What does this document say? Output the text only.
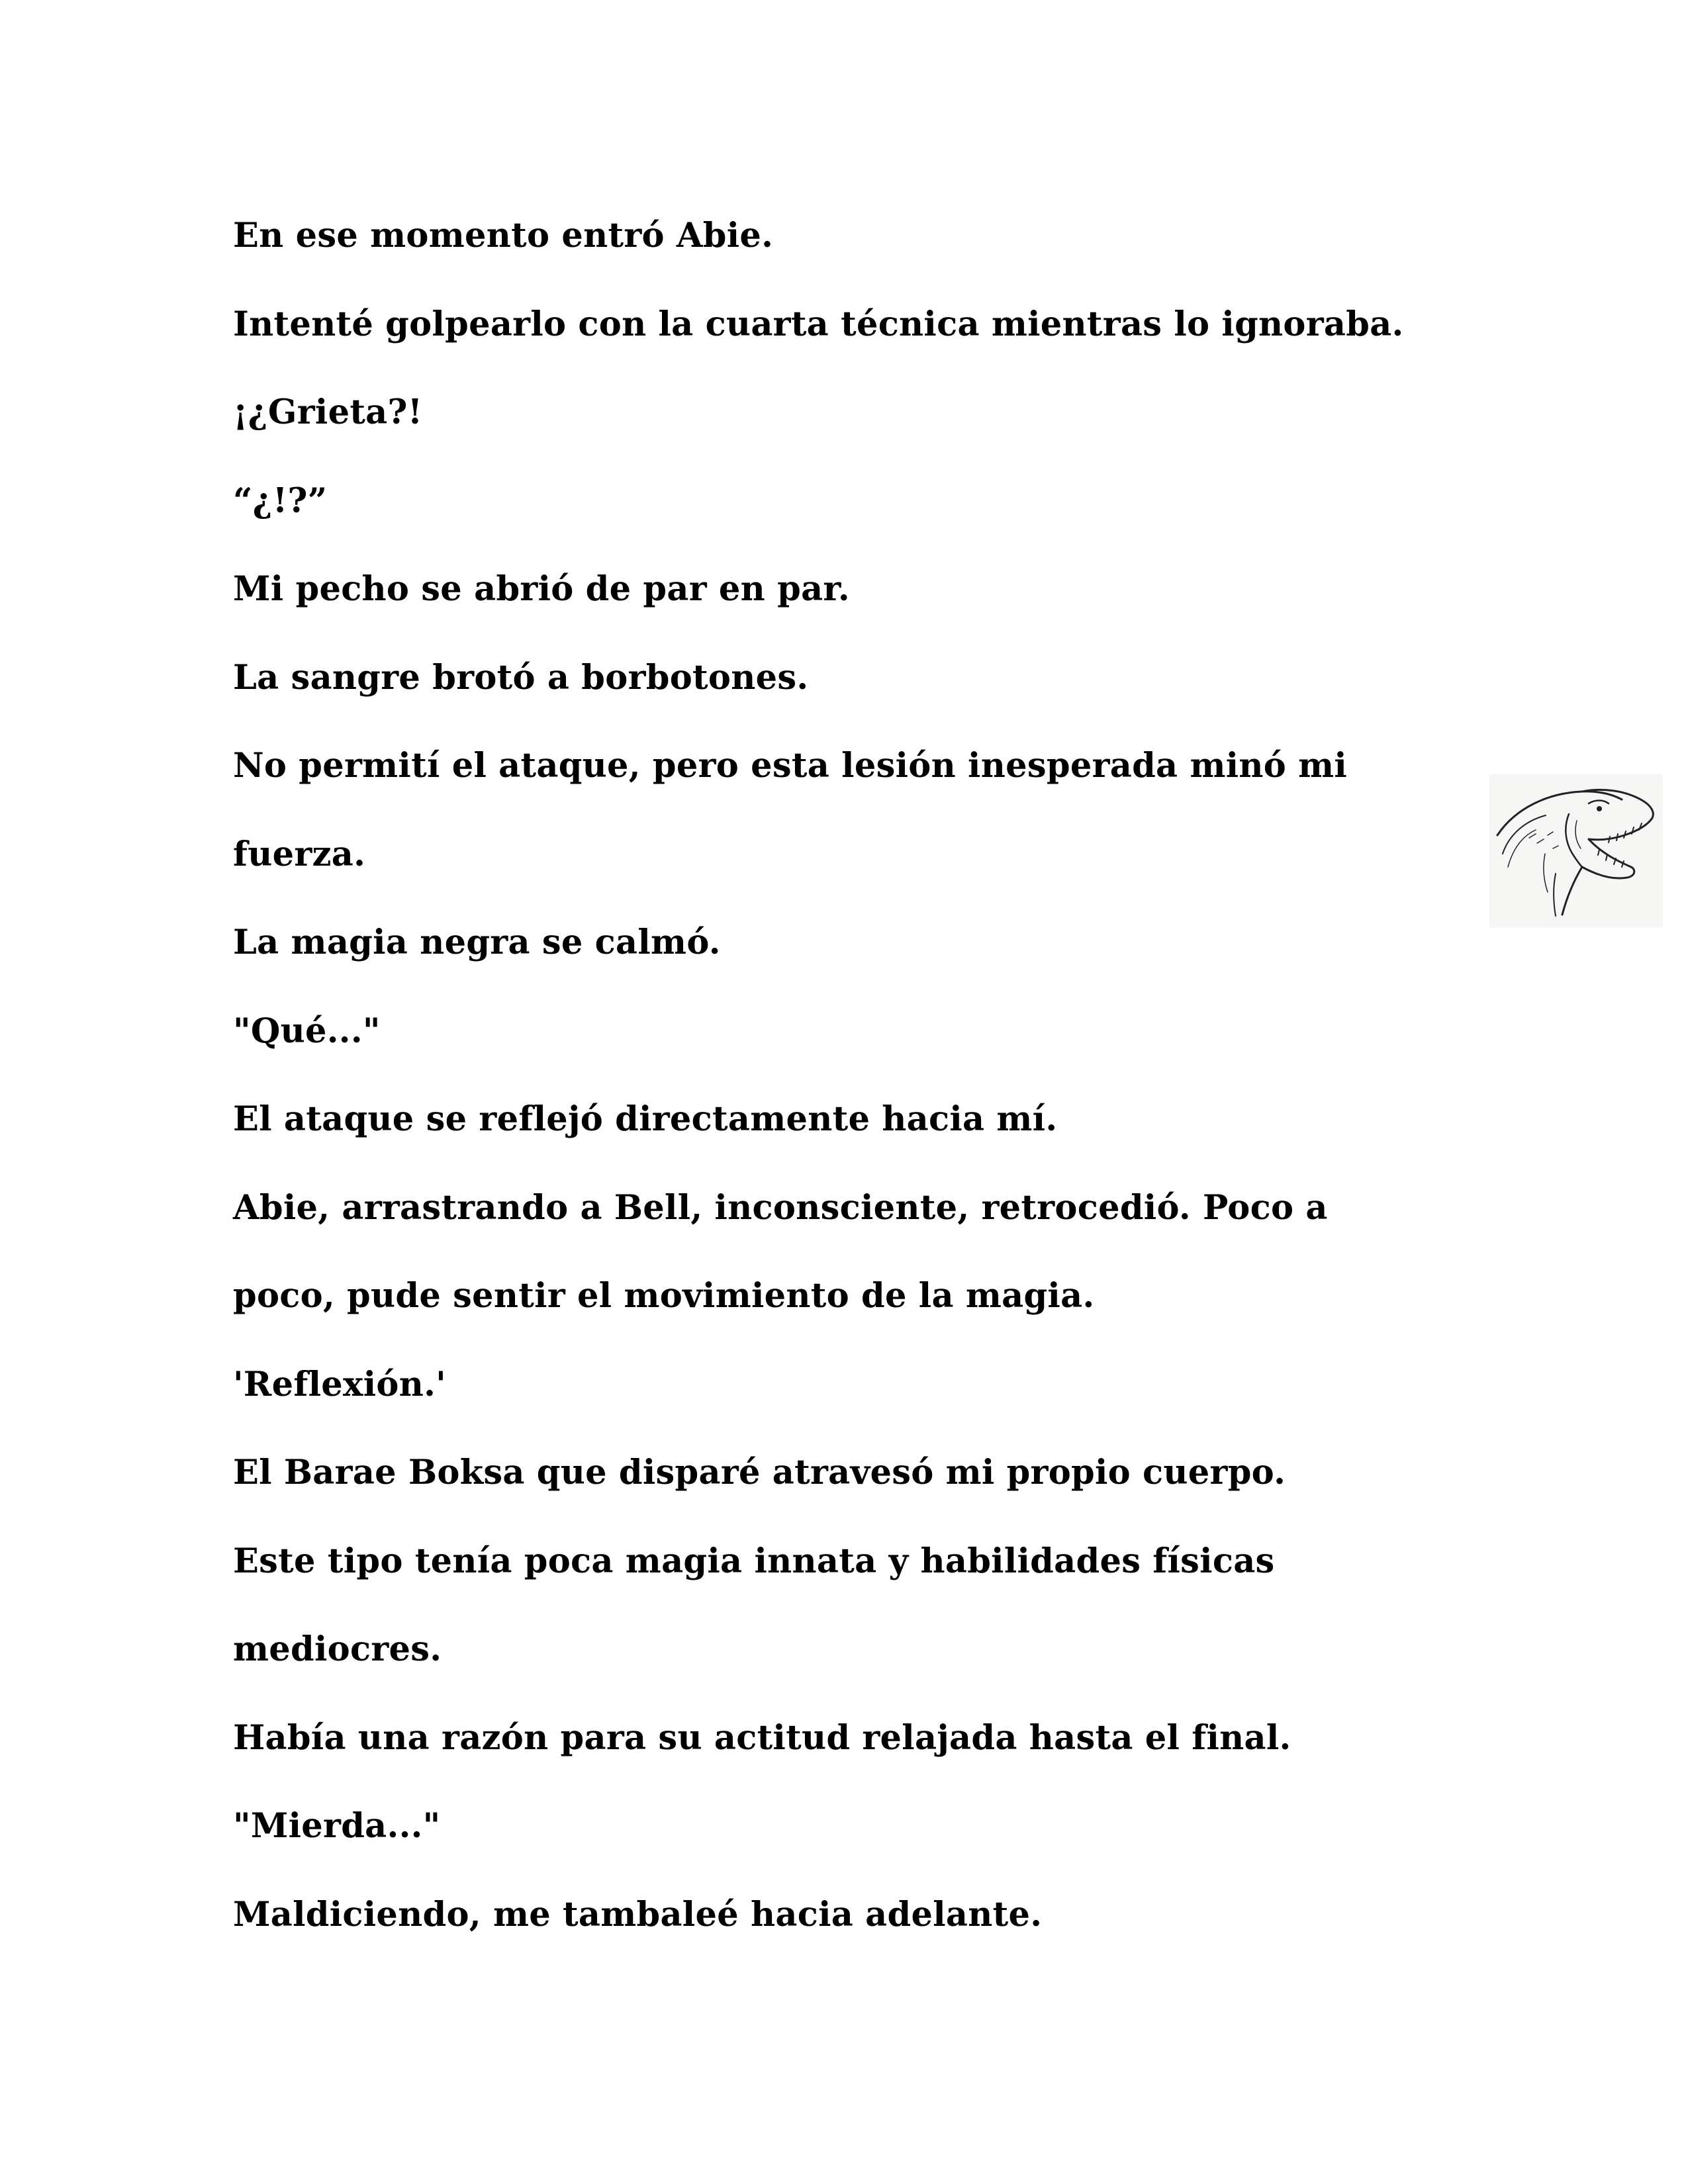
En ese momento entró Abie.
Intenté golpearlo con la cuarta técnica mientras lo ignoraba.
¡¿Grieta?!
“¿!?”
Mi pecho se abrió de par en par.
La sangre brotó a borbotones.
No permití el ataque, pero esta lesión inesperada minó mi
fuerza.
La magia negra se calmó.
"Qué..."
El ataque se reflejó directamente hacia mí.
Abie, arrastrando a Bell, inconsciente, retrocedió. Poco a
poco, pude sentir el movimiento de la magia.
'Reflexión.'
El Barae Boksa que disparé atravesó mi propio cuerpo.
Este tipo tenía poca magia innata y habilidades físicas
mediocres.
Había una razón para su actitud relajada hasta el final.
"Mierda..."
Maldiciendo, me tambaleé hacia adelante.
